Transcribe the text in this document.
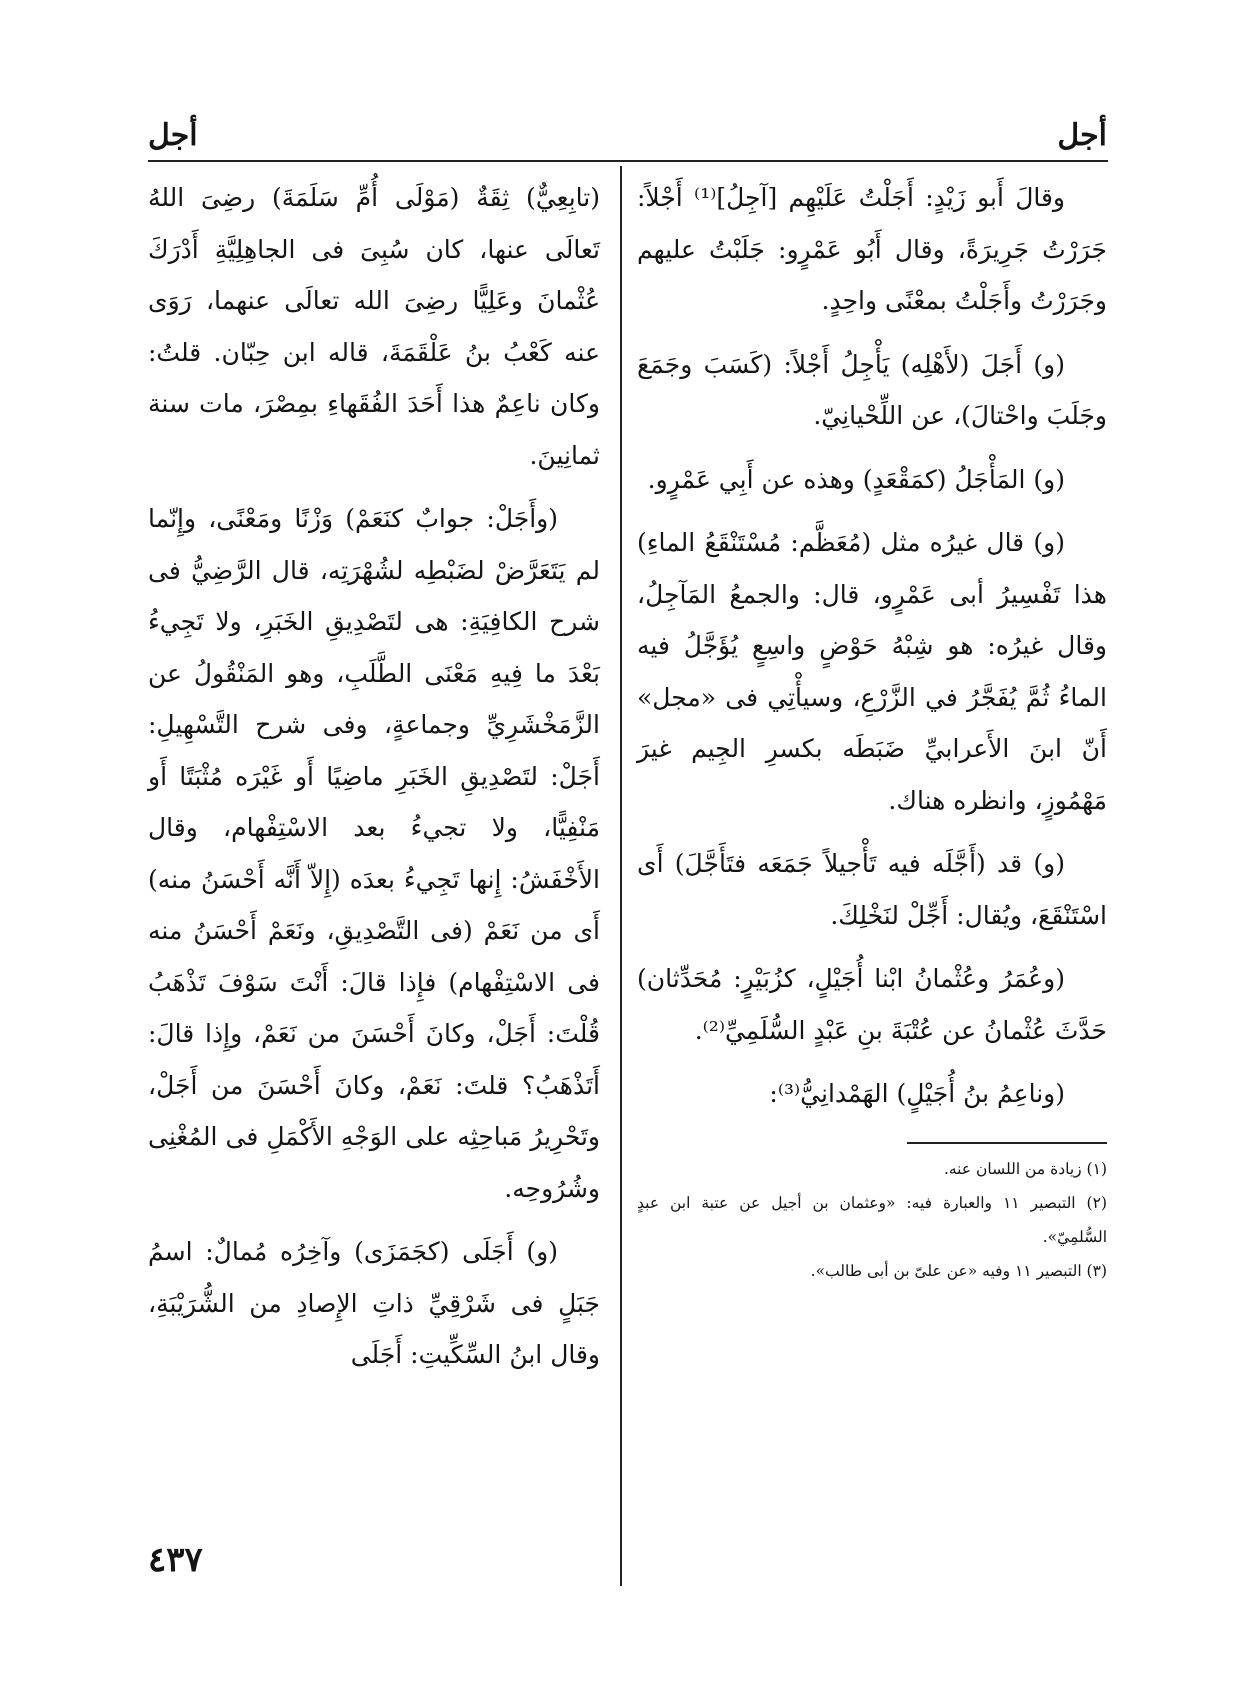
أجل
أجل

وقالَ أَبو زَيْدٍ: أَجَلْتُ عَلَيْهِم [آجِلُ]⁽¹⁾ أَجْلاً: جَرَرْتُ جَرِيرَةً، وقال أَبُو عَمْرٍو: جَلَبْتُ عليهم وجَرَرْتُ وأَجَلْتُ بمعْنًى واحِدٍ.

(و) أَجَلَ (لأَهْلِه) يَأْجِلُ أَجْلاً: (كَسَبَ وجَمَعَ وجَلَبَ واحْتالَ)، عن اللِّحْيانِيّ.

(و) المَأْجَلُ (كمَقْعَدٍ) وهذه عن أَبِي عَمْرٍو.

(و) قال غيرُه مثل (مُعَظَّم: مُسْتَنْقَعُ الماءِ) هذا تَفْسِيرُ أبى عَمْرٍو، قال: والجمعُ المَآجِلُ، وقال غيرُه: هو شِبْهُ حَوْضٍ واسِعٍ يُؤَجَّلُ فيه الماءُ ثُمَّ يُفَجَّرُ في الزَّرْعِ، وسيأْتِي فى «مجل» أَنّ ابنَ الأَعرابيِّ ضَبَطَه بكسرِ الجِيم غيرَ مَهْمُوزٍ، وانظره هناك.

(و) قد (أَجَّلَه فيه تَأْجيلاً جَمَعَه فتَأَجَّلَ) أَى اسْتَنْقَعَ، ويُقال: أَجِّلْ لنَخْلِكَ.

(وعُمَرُ وعُثْمانُ ابْنا أُجَيْلٍ، كزُبَيْرٍ: مُحَدِّثان) حَدَّثَ عُثْمانُ عن عُتْبَةَ بنِ عَبْدٍ السُّلَمِيِّ⁽²⁾.

(وناعِمُ بنُ أُجَيْلٍ) الهَمْدانِيُّ⁽³⁾:

(١) زيادة من اللسان عنه.

(٢) التبصير ١١ والعبارة فيه: «وعثمان بن أجيل عن عتبة ابن عبدٍ السُّلمِيّ».

(٣) التبصير ١١ وفيه «عن علىّ بن أبى طالب».

(تابِعِيٌّ) ثِقَةٌ (مَوْلَى أُمِّ سَلَمَةَ) رضِىَ اللهُ تَعالَى عنها، كان سُبِىَ فى الجاهِلِيَّةِ أَدْرَكَ عُثْمانَ وعَلِيًّا رضِىَ الله تعالَى عنهما، رَوَى عنه كَعْبُ بنُ عَلْقَمَةَ، قاله ابن حِبّان. قلتُ: وكان ناعِمٌ هذا أَحَدَ الفُقَهاءِ بمِصْرَ، مات سنة ثمانِينَ.

(وأَجَلْ: جوابٌ كنَعَمْ) وَزْنًا ومَعْنًى، وإِنّما لم يَتَعَرَّضْ لضَبْطِه لشُهْرَتِه، قال الرَّضِيُّ فى شرح الكافِيَةِ: هى لتَصْدِيقِ الخَبَرِ، ولا تَجِيءُ بَعْدَ ما فِيهِ مَعْنَى الطَّلَبِ، وهو المَنْقُولُ عن الزَّمَخْشَرِيِّ وجماعةٍ، وفى شرح التَّسْهِيلِ: أَجَلْ: لتَصْدِيقِ الخَبَرِ ماضِيًا أَو غَيْرَه مُثْبَتًا أَو مَنْفِيًّا، ولا تجيءُ بعد الاسْتِفْهام، وقال الأَخْفَشُ: إِنها تَجِيءُ بعدَه (إِلاّ أَنَّه أَحْسَنُ منه) أَى من نَعَمْ (فى التَّصْدِيقِ، ونَعَمْ أَحْسَنُ منه فى الاسْتِفْهام) فإِذا قالَ: أَنْتَ سَوْفَ تَذْهَبُ قُلْتَ: أَجَلْ، وكانَ أَحْسَنَ من نَعَمْ، وإِذا قالَ: أَتَذْهَبُ؟ قلتَ: نَعَمْ، وكانَ أَحْسَنَ من أَجَلْ، وتَحْرِيرُ مَباحِثِه على الوَجْهِ الأَكْمَلِ فى المُغْنِى وشُرُوحِه.

(و) أَجَلَى (كجَمَزَى) وآخِرُه مُمالٌ: اسمُ جَبَلٍ فى شَرْقِيِّ ذاتِ الإِصادِ من الشُّرَيْبَةِ، وقال ابنُ السِّكِّيتِ: أَجَلَى

٤٣٧
